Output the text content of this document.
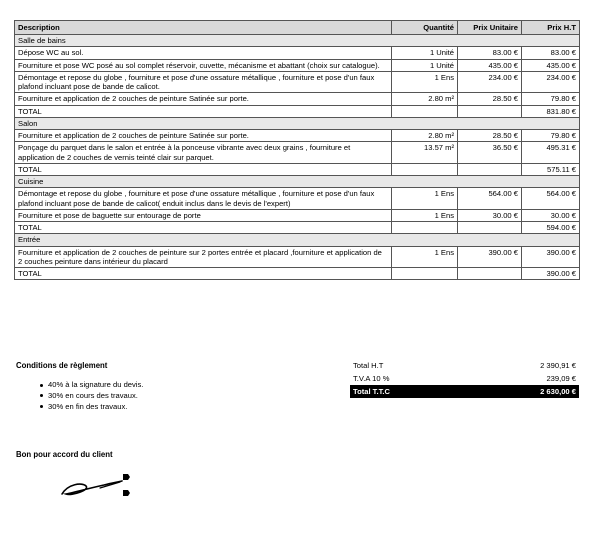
Description	Quantité	Prix Unitaire	Prix H.T
Salle de bains			
Dépose WC au sol.	1 Unité	83.00 €	83.00 €
Fourniture et pose WC posé au sol complet réservoir, cuvette, mécanisme et abattant (choix sur catalogue).	1 Unité	435.00 €	435.00 €
Démontage et repose du globe , fourniture et pose d'une ossature métallique , fourniture et pose d'un faux plafond incluant pose de bande de calicot.	1 Ens	234.00 €	234.00 €
Fourniture et application de 2 couches de peinture Satinée sur porte.	2.80 m²	28.50 €	79.80 €
TOTAL			831.80 €
Salon			
Fourniture et application de 2 couches de peinture Satinée sur porte.	2.80 m²	28.50 €	79.80 €
Ponçage du parquet dans le salon et entrée à la ponceuse vibrante avec deux grains , fourniture et application de 2 couches de vernis teinté clair sur parquet.	13.57 m²	36.50 €	495.31 €
TOTAL			575.11 €
Cuisine			
Démontage et repose du globe , fourniture et pose d'une ossature métallique , fourniture et pose d'un faux plafond incluant pose de bande de calicot( enduit inclus dans le devis de l'expert)	1 Ens	564.00 €	564.00 €
Fourniture et pose de baguette sur entourage de porte	1 Ens	30.00 €	30.00 €
TOTAL			594.00 €
Entrée			
Fourniture et application de 2 couches de peinture sur 2 portes entrée et placard ,fourniture et application de 2 couches peinture dans intérieur du placard	1 Ens	390.00 €	390.00 €
TOTAL			390.00 €
Conditions de règlement
40% à la signature du devis.
30% en cours des travaux.
30% en fin des travaux.
Total H.T	2 390,91 €
T.V.A 10 %	239,09 €
Total T.T.C	2 630,00 €
Bon pour accord du client
